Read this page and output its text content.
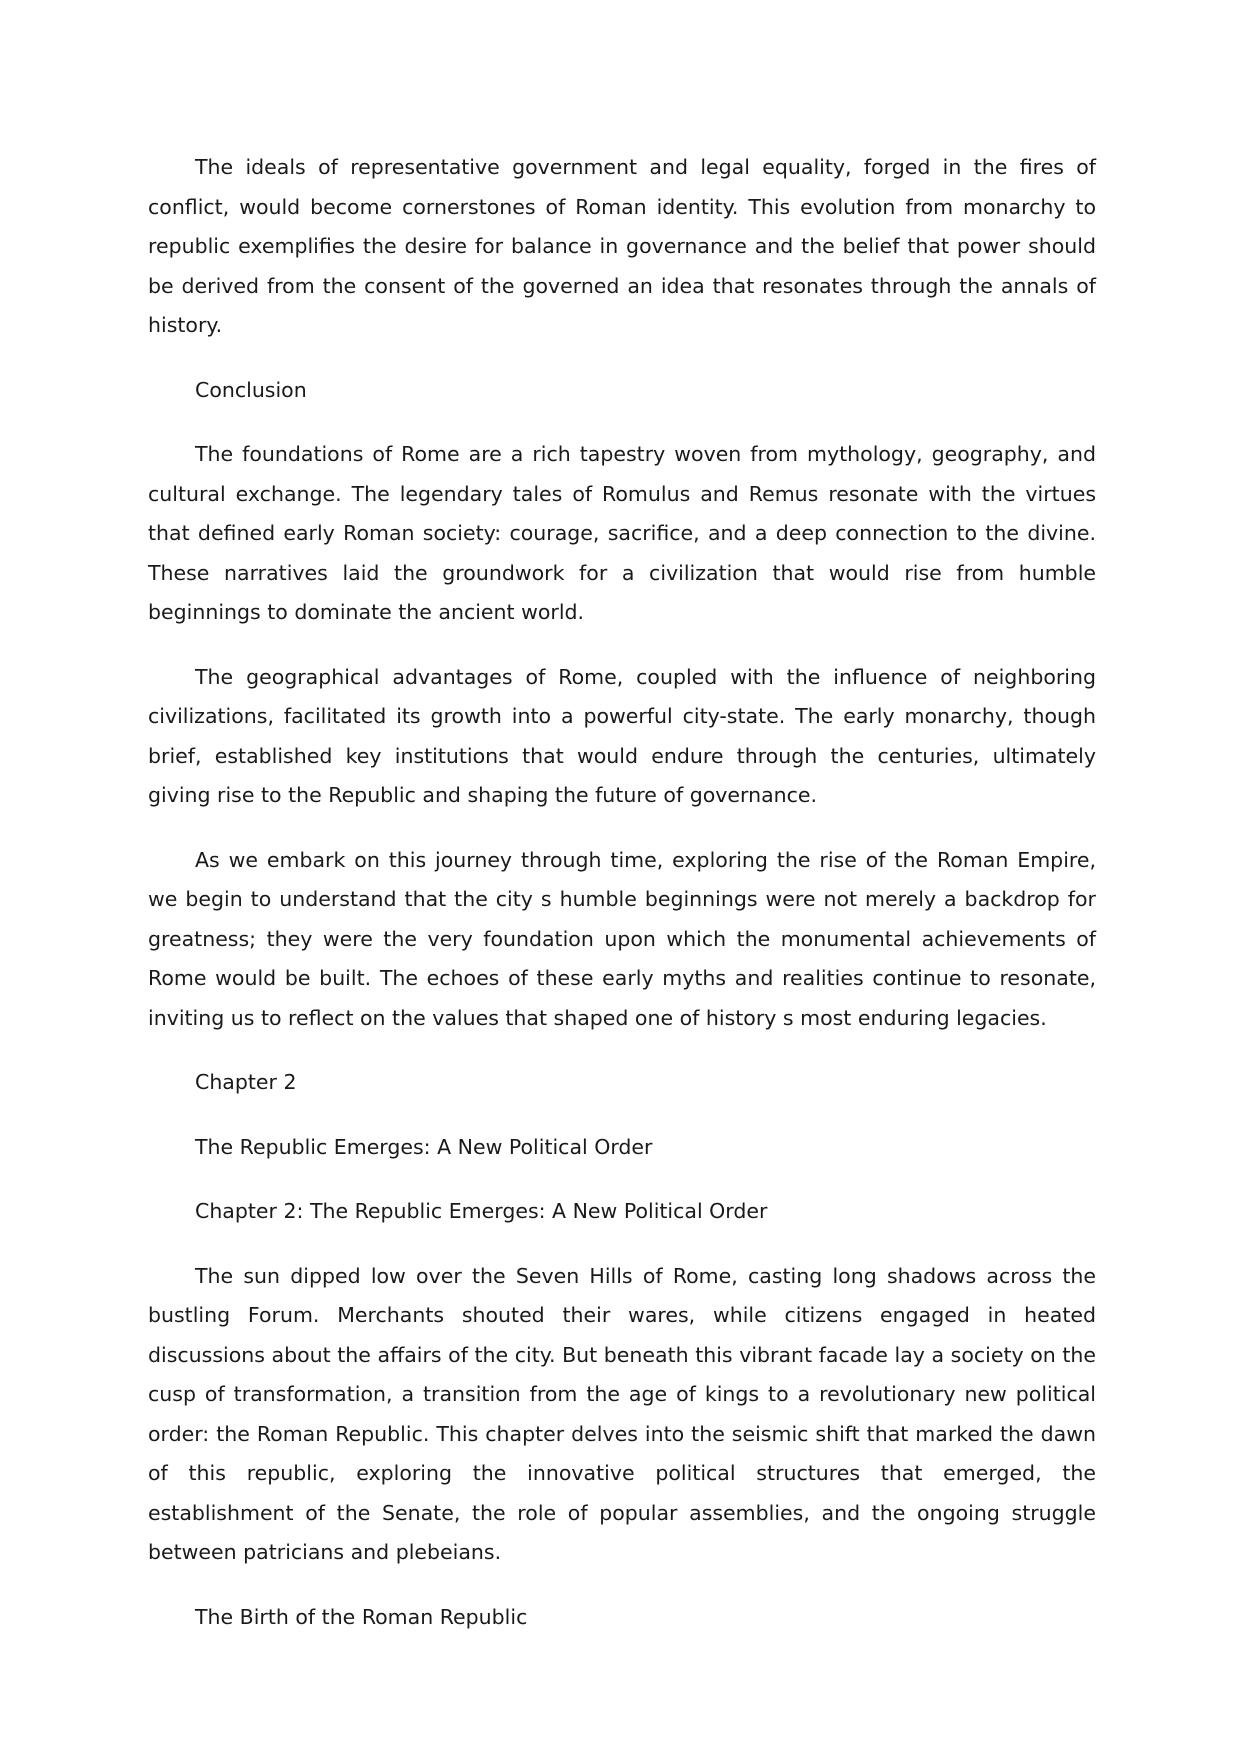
The ideals of representative government and legal equality, forged in the fires of conflict, would become cornerstones of Roman identity. This evolution from monarchy to republic exemplifies the desire for balance in governance and the belief that power should be derived from the consent of the governed an idea that resonates through the annals of history.

Conclusion

The foundations of Rome are a rich tapestry woven from mythology, geography, and cultural exchange. The legendary tales of Romulus and Remus resonate with the virtues that defined early Roman society: courage, sacrifice, and a deep connection to the divine. These narratives laid the groundwork for a civilization that would rise from humble beginnings to dominate the ancient world.

The geographical advantages of Rome, coupled with the influence of neighboring civilizations, facilitated its growth into a powerful city-state. The early monarchy, though brief, established key institutions that would endure through the centuries, ultimately giving rise to the Republic and shaping the future of governance.

As we embark on this journey through time, exploring the rise of the Roman Empire, we begin to understand that the city s humble beginnings were not merely a backdrop for greatness; they were the very foundation upon which the monumental achievements of Rome would be built. The echoes of these early myths and realities continue to resonate, inviting us to reflect on the values that shaped one of history s most enduring legacies.

Chapter 2

The Republic Emerges: A New Political Order

Chapter 2: The Republic Emerges: A New Political Order

The sun dipped low over the Seven Hills of Rome, casting long shadows across the bustling Forum. Merchants shouted their wares, while citizens engaged in heated discussions about the affairs of the city. But beneath this vibrant facade lay a society on the cusp of transformation, a transition from the age of kings to a revolutionary new political order: the Roman Republic. This chapter delves into the seismic shift that marked the dawn of this republic, exploring the innovative political structures that emerged, the establishment of the Senate, the role of popular assemblies, and the ongoing struggle between patricians and plebeians.

The Birth of the Roman Republic
